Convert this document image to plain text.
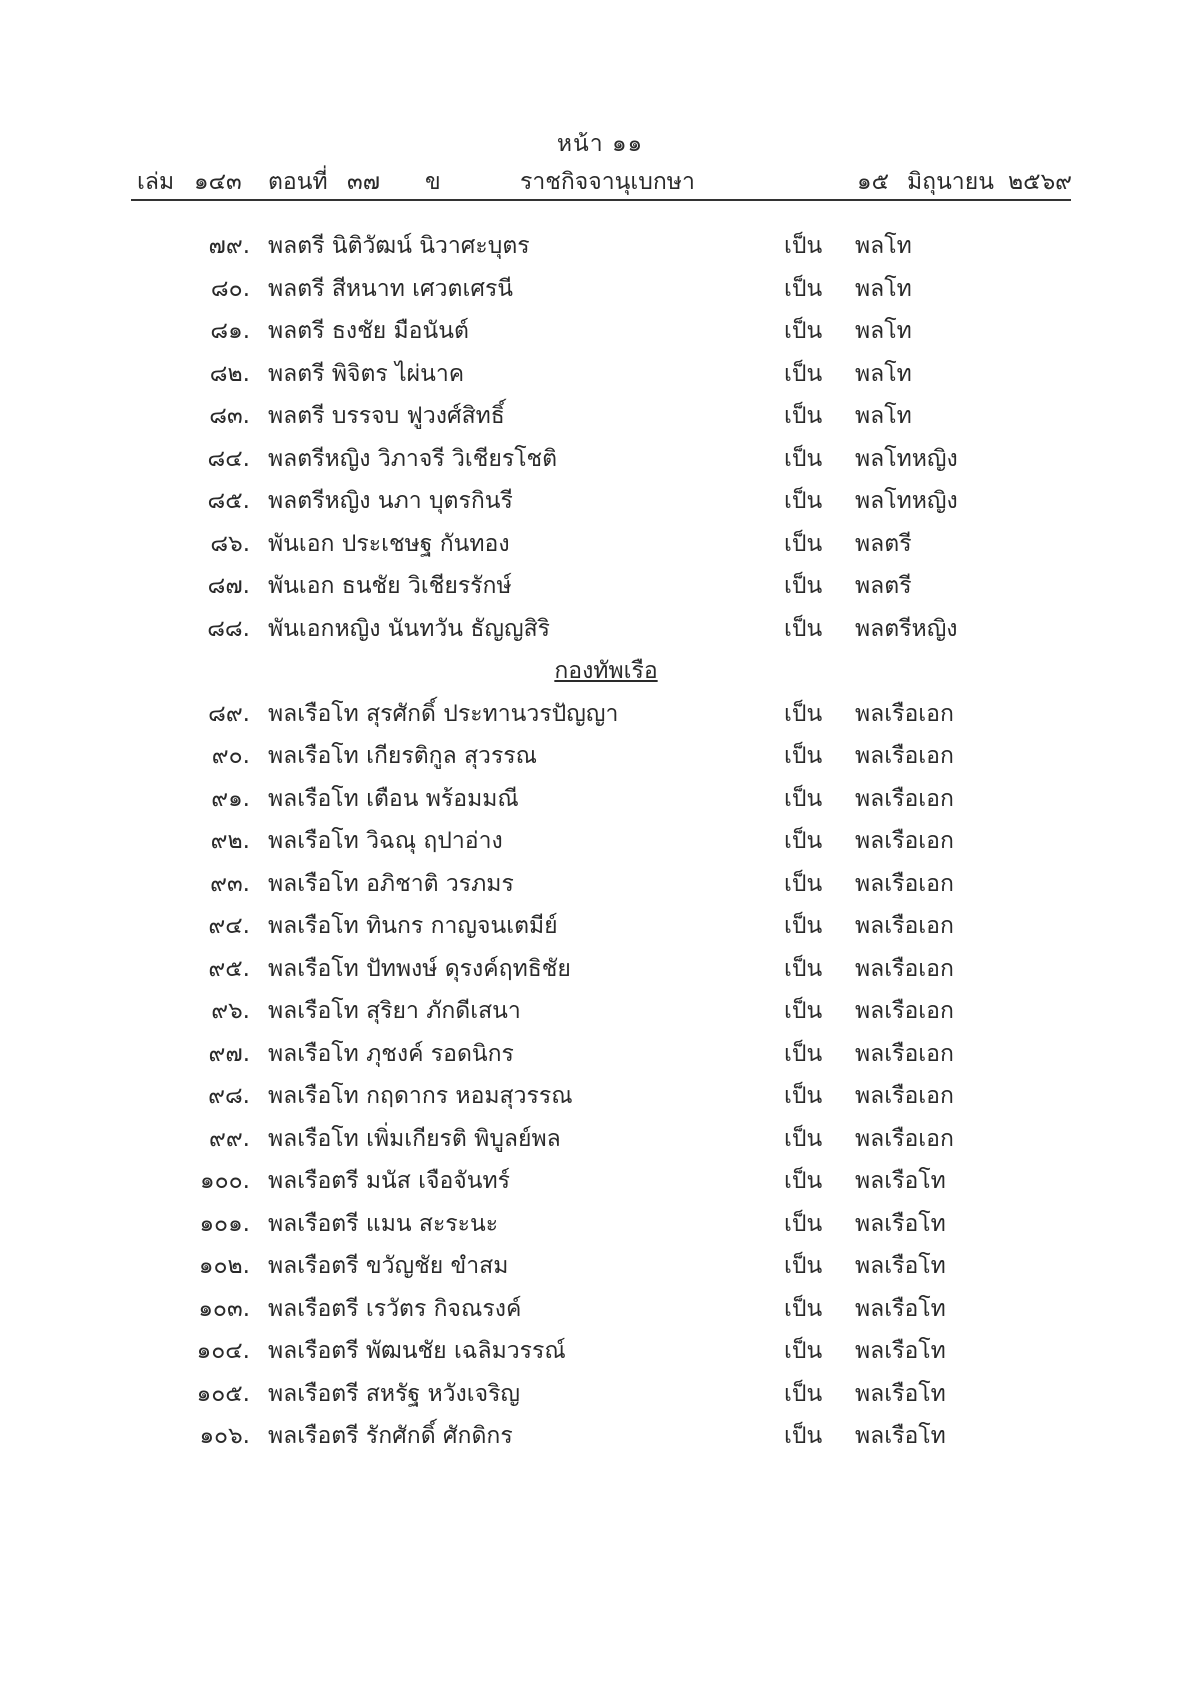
หน้า ๑๑
เล่ม ๑๔๓ ตอนที่ ๓๗ ข	ราชกิจจานุเบกษา	๑๕ มิถุนายน ๒๕๖๙
๗๙. พลตรี นิติวัฒน์ นิวาศะบุตร	เป็น พลโท
๘๐. พลตรี สีหนาท เศวตเศรนี	เป็น พลโท
๘๑. พลตรี ธงชัย มือนันต์	เป็น พลโท
๘๒. พลตรี พิจิตร ไผ่นาค	เป็น พลโท
๘๓. พลตรี บรรจบ ฟูวงศ์สิทธิ์	เป็น พลโท
๘๔. พลตรีหญิง วิภาจรี วิเชียรโชติ	เป็น พลโทหญิง
๘๕. พลตรีหญิง นภา บุตรกินรี	เป็น พลโทหญิง
๘๖. พันเอก ประเชษฐ กันทอง	เป็น พลตรี
๘๗. พันเอก ธนชัย วิเชียรรักษ์	เป็น พลตรี
๘๘. พันเอกหญิง นันทวัน ธัญญสิริ	เป็น พลตรีหญิง
กองทัพเรือ
๘๙. พลเรือโท สุรศักดิ์ ประทานวรปัญญา	เป็น พลเรือเอก
๙๐. พลเรือโท เกียรติกูล สุวรรณ	เป็น พลเรือเอก
๙๑. พลเรือโท เตือน พร้อมมณี	เป็น พลเรือเอก
๙๒. พลเรือโท วิฉณุ ฤปาอ่าง	เป็น พลเรือเอก
๙๓. พลเรือโท อภิชาติ วรภมร	เป็น พลเรือเอก
๙๔. พลเรือโท ทินกร กาญจนเตมีย์	เป็น พลเรือเอก
๙๕. พลเรือโท ปัทพงษ์ ดุรงค์ฤทธิชัย	เป็น พลเรือเอก
๙๖. พลเรือโท สุริยา ภักดีเสนา	เป็น พลเรือเอก
๙๗. พลเรือโท ภุชงค์ รอดนิกร	เป็น พลเรือเอก
๙๘. พลเรือโท กฤดากร หอมสุวรรณ	เป็น พลเรือเอก
๙๙. พลเรือโท เพิ่มเกียรติ พิบูลย์พล	เป็น พลเรือเอก
๑๐๐. พลเรือตรี มนัส เจือจันทร์	เป็น พลเรือโท
๑๐๑. พลเรือตรี แมน สะระนะ	เป็น พลเรือโท
๑๐๒. พลเรือตรี ขวัญชัย ขำสม	เป็น พลเรือโท
๑๐๓. พลเรือตรี เรวัตร กิจณรงค์	เป็น พลเรือโท
๑๐๔. พลเรือตรี พัฒนชัย เฉลิมวรรณ์	เป็น พลเรือโท
๑๐๕. พลเรือตรี สหรัฐ หวังเจริญ	เป็น พลเรือโท
๑๐๖. พลเรือตรี รักศักดิ์ ศักดิกร	เป็น พลเรือโท
